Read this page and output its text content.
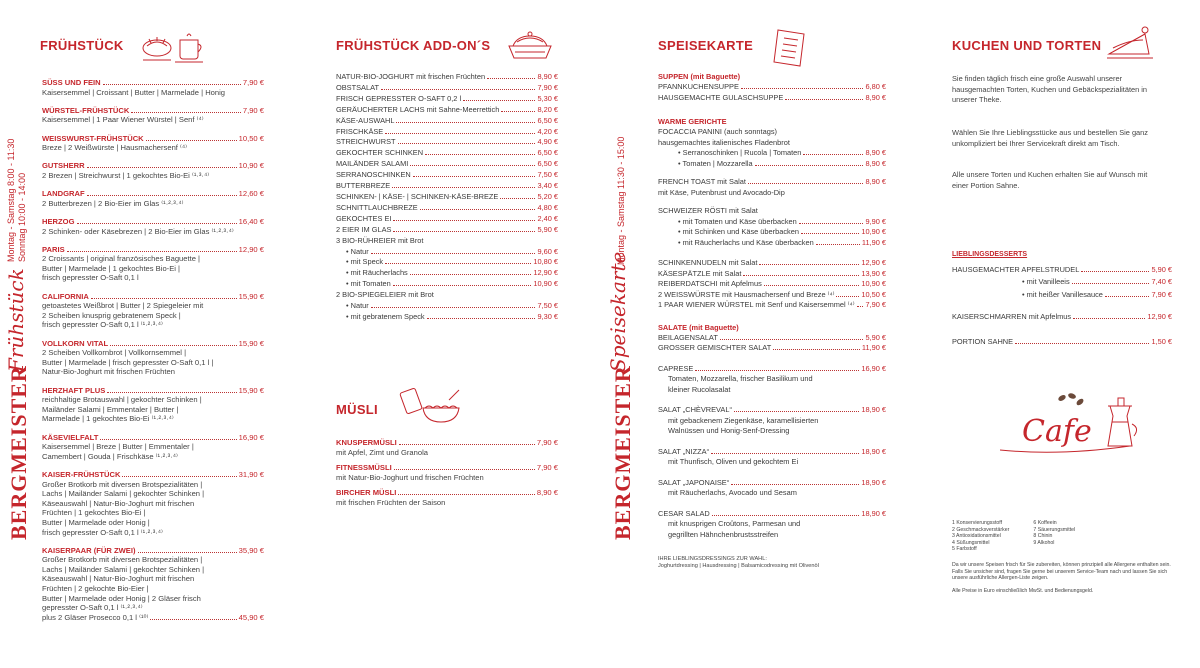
FRÜHSTÜCK
BERGMEISTER
Frühstück
Montag - Samstag 8:00 - 11:30 Sonntag 10:00 - 14:00
SÜSS UND FEIN	7,90 €
Kaisersemmel | Croissant | Butter | Marmelade | Honig
WÜRSTEL-FRÜHSTÜCK	7,90 €
Kaisersemmel | 1 Paar Wiener Würstel | Senf ⁽⁴⁾
WEISSWURST-FRÜHSTÜCK	10,50 €
Breze | 2 Weißwürste | Hausmachersenf ⁽⁴⁾
GUTSHERR	10,90 €
2 Brezen | Streichwurst | 1 gekochtes Bio-Ei ⁽¹·³·⁴⁾
LANDGRAF	12,60 €
2 Butterbrezen | 2 Bio-Eier im Glas ⁽¹·²·³·⁴⁾
HERZOG	16,40 €
2 Schinken- oder Käsebrezen | 2 Bio-Eier im Glas ⁽¹·²·³·⁴⁾
PARIS	12,90 €
2 Croissants | original französisches Baguette |
Butter | Marmelade | 1 gekochtes Bio-Ei |
frisch gepresster O-Saft 0,1 l
CALIFORNIA	15,90 €
getoastetes Weißbrot | Butter | 2 Spiegeleier mit
2 Scheiben knusprig gebratenem Speck |
frisch gepresster O-Saft 0,1 l ⁽¹·²·³·⁴⁾
VOLLKORN VITAL	15,90 €
2 Scheiben Vollkornbrot | Vollkornsemmel |
Butter | Marmelade | frisch gepresster O-Saft 0,1 l |
Natur-Bio-Joghurt mit frischen Früchten
HERZHAFT PLUS	15,90 €
reichhaltige Brotauswahl | gekochter Schinken |
Mailänder Salami | Emmentaler | Butter |
Marmelade | 1 gekochtes Bio-Ei ⁽¹·²·³·⁴⁾
KÄSEVIELFALT	16,90 €
Kaisersemmel | Breze | Butter | Emmentaler |
Camembert | Gouda | Frischkäse ⁽¹·²·³·⁴⁾
KAISER-FRÜHSTÜCK	31,90 €
Großer Brotkorb mit diversen Brotspezialitäten |
Lachs | Mailänder Salami | gekochter Schinken |
Käseauswahl | Natur-Bio-Joghurt mit frischen
Früchten | 1 gekochtes Bio-Ei |
Butter | Marmelade oder Honig |
frisch gepresster O-Saft 0,1 l ⁽¹·²·³·⁴⁾
KAISERPAAR (FÜR ZWEI)	35,90 €
Großer Brotkorb mit diversen Brotspezialitäten |
Lachs | Mailänder Salami | gekochter Schinken |
Käseauswahl | Natur-Bio-Joghurt mit frischen
Früchten | 2 gekochte Bio-Eier |
Butter | Marmelade oder Honig | 2 Gläser frisch
gepresster O-Saft 0,1 l ⁽¹·²·³·⁴⁾
plus 2 Gläser Prosecco 0,1 l ⁽¹⁰⁾	45,90 €
FRÜHSTÜCK ADD-ON´S
NATUR-BIO-JOGHURT mit frischen Früchten	8,90 €
OBSTSALAT	7,90 €
FRISCH GEPRESSTER O-SAFT 0,2 l	5,30 €
GERÄUCHERTER LACHS mit Sahne-Meerrettich	8,20 €
KÄSE-AUSWAHL	6,50 €
FRISCHKÄSE	4,20 €
STREICHWURST	4,90 €
GEKOCHTER SCHINKEN	6,50 €
MAILÄNDER SALAMI	6,50 €
SERRANOSCHINKEN	7,50 €
BUTTERBREZE	3,40 €
SCHINKEN- | KÄSE- | SCHINKEN-KÄSE-BREZE	5,20 €
SCHNITTLAUCHBREZE	4,80 €
GEKOCHTES EI	2,40 €
2 EIER IM GLAS	5,90 €
3 BIO-RÜHREIER mit Brot
• Natur	9,60 €
• mit Speck	10,80 €
• mit Räucherlachs	12,90 €
• mit Tomaten	10,90 €
2 BIO-SPIEGELEIER mit Brot
• Natur	7,50 €
• mit gebratenem Speck	9,30 €
MÜSLI
KNUSPERMÜSLI	7,90 €
mit Apfel, Zimt und Granola
FITNESSMÜSLI	7,90 €
mit Natur-Bio-Joghurt und frischen Früchten
BIRCHER MÜSLI	8,90 €
mit frischen Früchten der Saison
SPEISEKARTE
BERGMEISTER
Speisekarte
Montag - Samstag 11:30 - 15:00
SUPPEN (mit Baguette)
PFANNKUCHENSUPPE	6,80 €
HAUSGEMACHTE GULASCHSUPPE	8,90 €
WARME GERICHTE
FOCACCIA PANINI (auch sonntags)
hausgemachtes italienisches Fladenbrot
• Serranoschinken | Rucola | Tomaten	8,90 €
• Tomaten | Mozzarella	8,90 €
FRENCH TOAST mit Salat	8,90 €
mit Käse, Putenbrust und Avocado-Dip
SCHWEIZER RÖSTI mit Salat
• mit Tomaten und Käse überbacken	9,90 €
• mit Schinken und Käse überbacken	10,90 €
• mit Räucherlachs und Käse überbacken	11,90 €
SCHINKENNUDELN mit Salat	12,90 €
KÄSESPÄTZLE mit Salat	13,90 €
REIBERDATSCHI mit Apfelmus	10,90 €
2 WEISSWÜRSTE mit Hausmachersenf und Breze ⁽⁴⁾	10,50 €
1 PAAR WIENER WÜRSTEL mit Senf und Kaisersemmel ⁽⁴⁾ 7,90 €
SALATE (mit Baguette)
BEILAGENSALAT	5,90 €
GROSSER GEMISCHTER SALAT	11,90 €
CAPRESE	16,90 €
Tomaten, Mozzarella, frischer Basilikum und
kleiner Rucolasalat
SALAT „CHÈVREVAL“	18,90 €
mit gebackenem Ziegenkäse, karamellisierten
Walnüssen und Honig-Senf-Dressing
SALAT „NIZZA“	18,90 €
mit Thunfisch, Oliven und gekochtem Ei
SALAT „JAPONAISE“	18,90 €
mit Räucherlachs, Avocado und Sesam
CESAR SALAD	18,90 €
mit knusprigen Croûtons, Parmesan und
gegrillten Hähnchenbrustsstreifen
IHRE LIEBLINGSDRESSINGS ZUR WAHL:
Joghurtdressing | Hausdressing | Balsamicodressing mit Olivenöl
KUCHEN UND TORTEN
Sie finden täglich frisch eine große Auswahl unserer hausgemachten Torten, Kuchen und Gebäckspezialitäten in unserer Theke.
Wählen Sie Ihre Lieblingsstücke aus und bestellen Sie ganz unkompliziert bei Ihrer Servicekraft direkt am Tisch.
Alle unsere Torten und Kuchen erhalten Sie auf Wunsch mit einer Portion Sahne.
LIEBLINGSDESSERTS
HAUSGEMACHTER APFELSTRUDEL	5,90 €
• mit Vanilleeis	7,40 €
• mit heißer Vanillesauce	7,90 €
KAISERSCHMARREN mit Apfelmus	12,90 €
PORTION SAHNE	1,50 €
Cafe
1 Konservierungsstoff
2 Geschmacksverstärker
3 Antioxidationsmittel
4 Süßungsmittel
5 Farbstoff
6 Koffeein
7 Säuerungsmittel
8 Chinin
9 Alkohol
Da wir unsere Speisen frisch für Sie zubereiten, können prinzipiell alle Allergene enthalten sein. Falls Sie unsicher sind, fragen Sie gerne bei unserem Service-Team nach und lassen Sie sich unsere ausführliche Allergen-Liste zeigen.
Alle Preise in Euro einschließlich MwSt. und Bedienungsgeld.
